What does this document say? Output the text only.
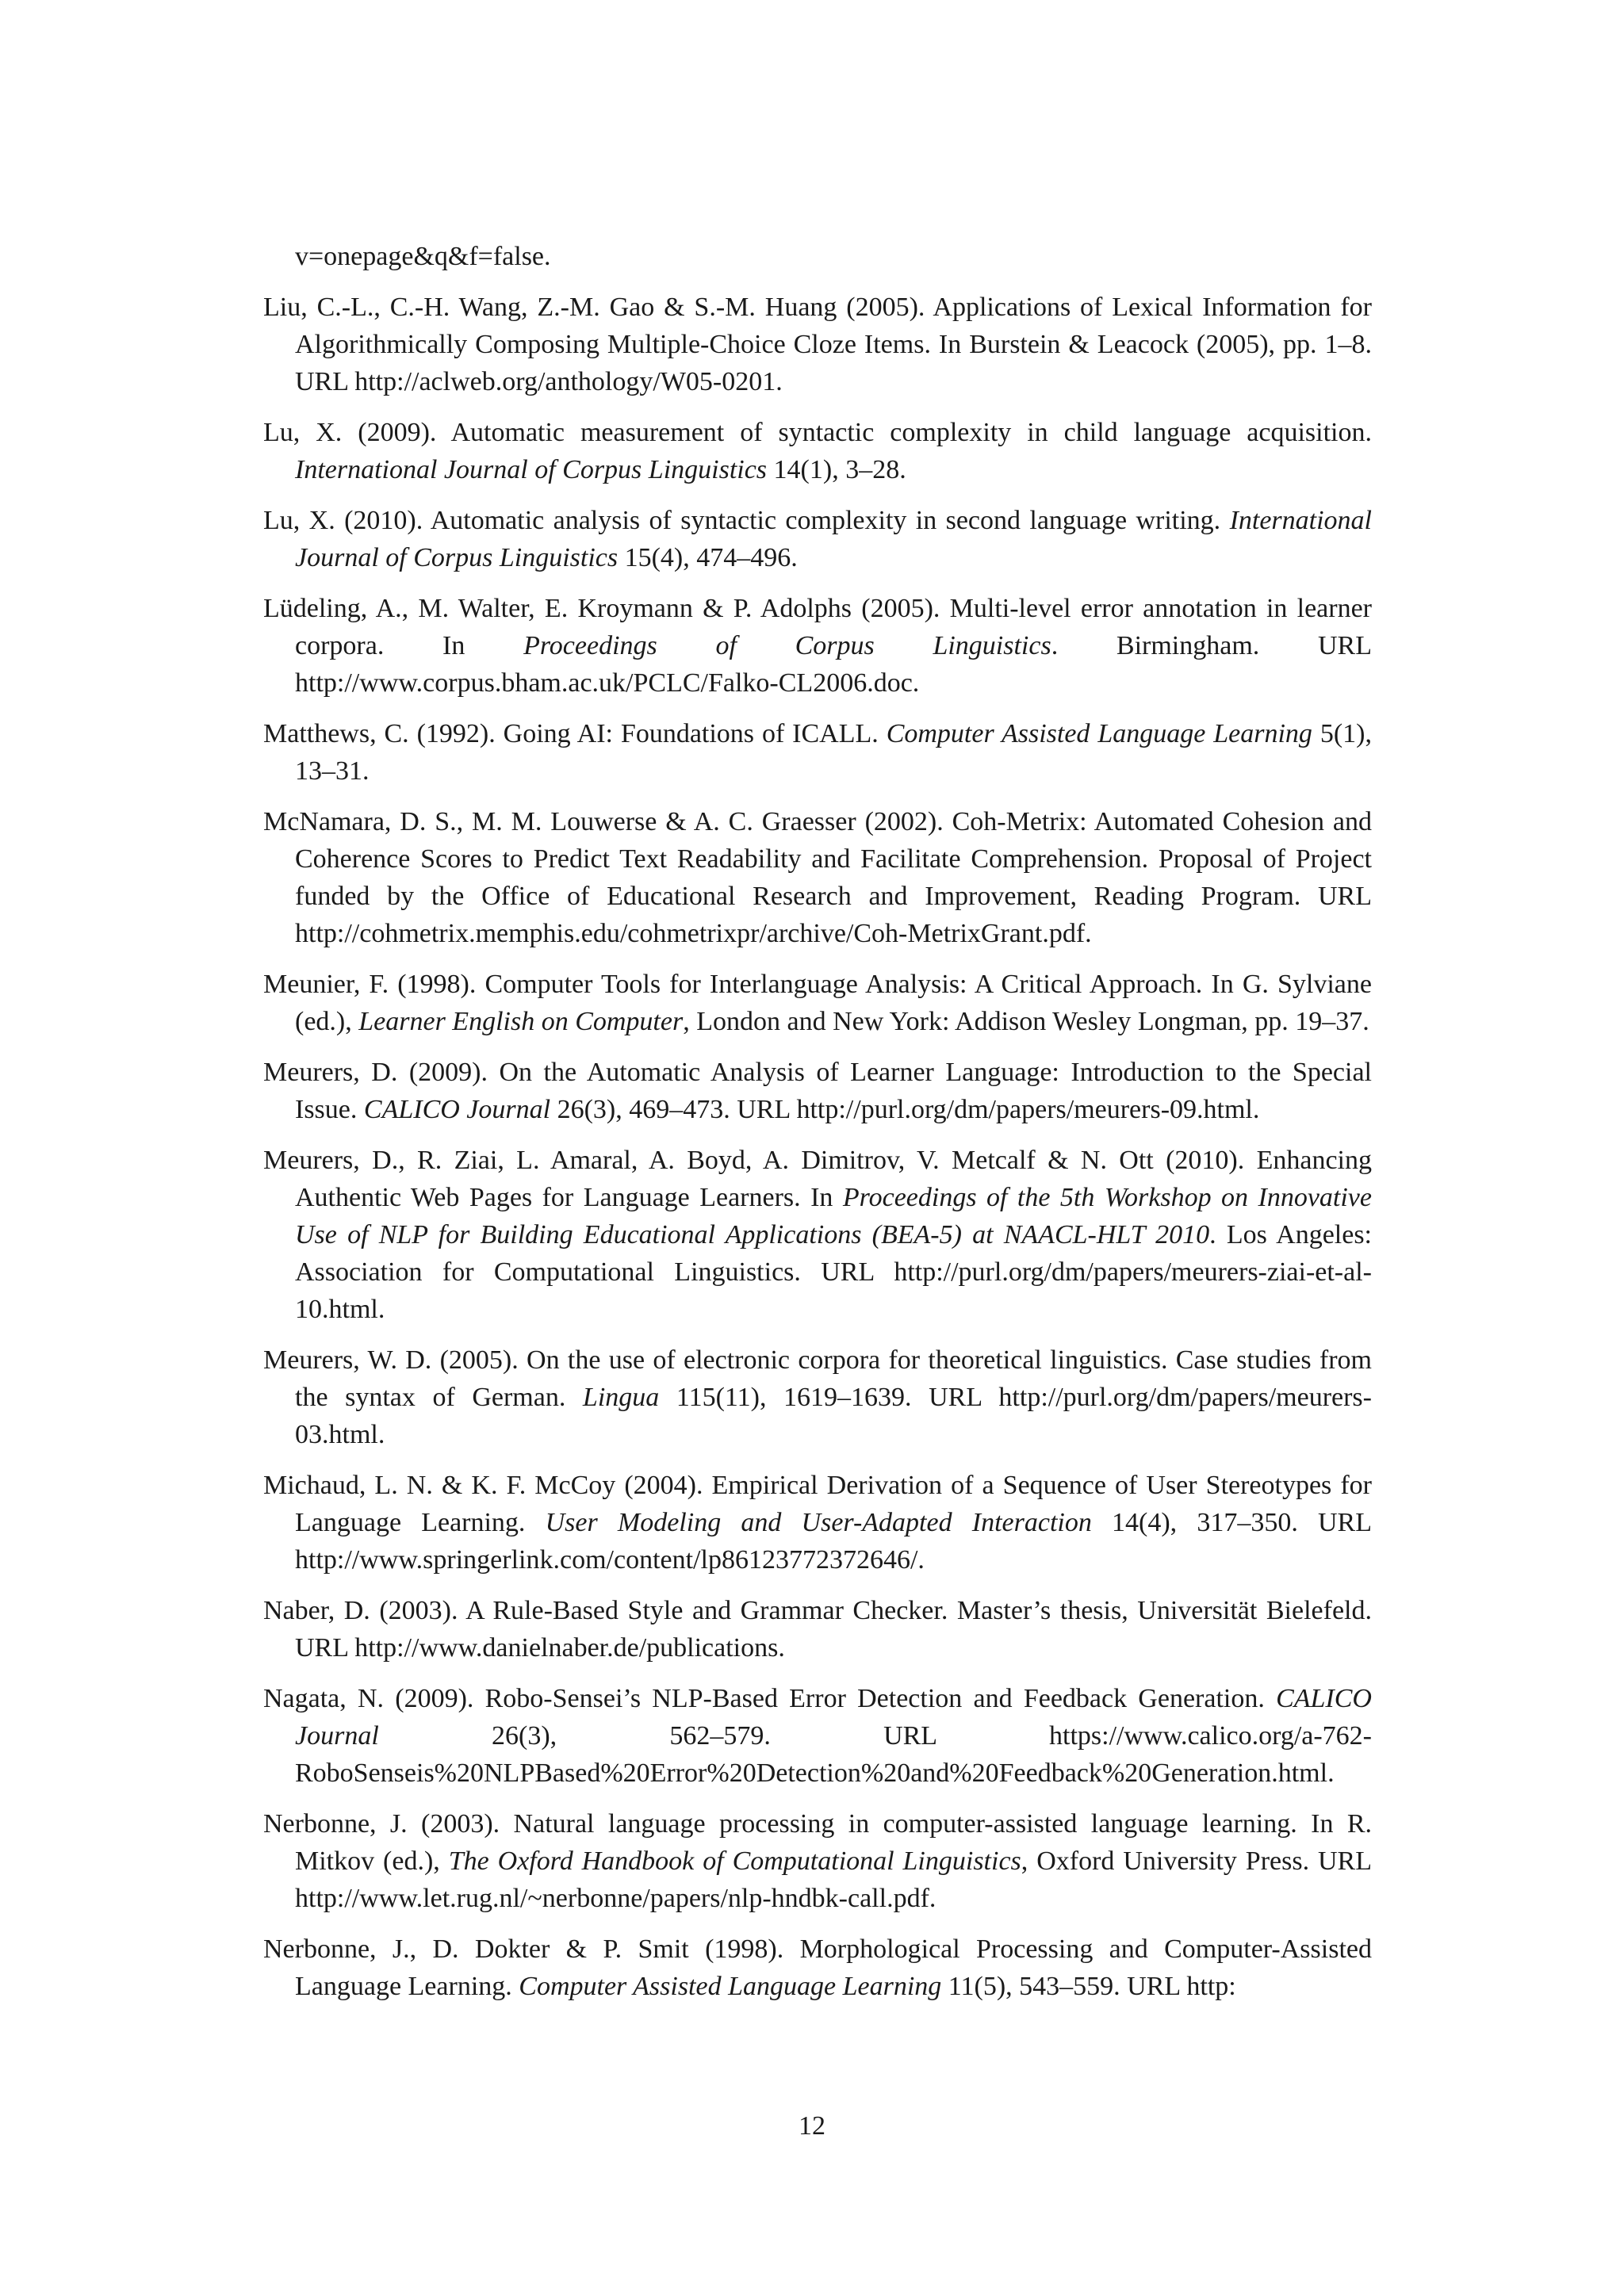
v=onepage&q&f=false.

Liu, C.-L., C.-H. Wang, Z.-M. Gao & S.-M. Huang (2005). Applications of Lexical Information for Algorithmically Composing Multiple-Choice Cloze Items. In Burstein & Leacock (2005), pp. 1–8. URL http://aclweb.org/anthology/W05-0201.

Lu, X. (2009). Automatic measurement of syntactic complexity in child language acquisition. International Journal of Corpus Linguistics 14(1), 3–28.

Lu, X. (2010). Automatic analysis of syntactic complexity in second language writing. International Journal of Corpus Linguistics 15(4), 474–496.

Lüdeling, A., M. Walter, E. Kroymann & P. Adolphs (2005). Multi-level error annotation in learner corpora. In Proceedings of Corpus Linguistics. Birmingham. URL http://www.corpus.bham.ac.uk/PCLC/Falko-CL2006.doc.

Matthews, C. (1992). Going AI: Foundations of ICALL. Computer Assisted Language Learning 5(1), 13–31.

McNamara, D. S., M. M. Louwerse & A. C. Graesser (2002). Coh-Metrix: Automated Cohesion and Coherence Scores to Predict Text Readability and Facilitate Comprehension. Proposal of Project funded by the Office of Educational Research and Improvement, Reading Program. URL http://cohmetrix.memphis.edu/cohmetrixpr/archive/Coh-MetrixGrant.pdf.

Meunier, F. (1998). Computer Tools for Interlanguage Analysis: A Critical Approach. In G. Sylviane (ed.), Learner English on Computer, London and New York: Addison Wesley Longman, pp. 19–37.

Meurers, D. (2009). On the Automatic Analysis of Learner Language: Introduction to the Special Issue. CALICO Journal 26(3), 469–473. URL http://purl.org/dm/papers/meurers-09.html.

Meurers, D., R. Ziai, L. Amaral, A. Boyd, A. Dimitrov, V. Metcalf & N. Ott (2010). Enhancing Authentic Web Pages for Language Learners. In Proceedings of the 5th Workshop on Innovative Use of NLP for Building Educational Applications (BEA-5) at NAACL-HLT 2010. Los Angeles: Association for Computational Linguistics. URL http://purl.org/dm/papers/meurers-ziai-et-al-10.html.

Meurers, W. D. (2005). On the use of electronic corpora for theoretical linguistics. Case studies from the syntax of German. Lingua 115(11), 1619–1639. URL http://purl.org/dm/papers/meurers-03.html.

Michaud, L. N. & K. F. McCoy (2004). Empirical Derivation of a Sequence of User Stereotypes for Language Learning. User Modeling and User-Adapted Interaction 14(4), 317–350. URL http://www.springerlink.com/content/lp86123772372646/.

Naber, D. (2003). A Rule-Based Style and Grammar Checker. Master’s thesis, Universität Bielefeld. URL http://www.danielnaber.de/publications.

Nagata, N. (2009). Robo-Sensei’s NLP-Based Error Detection and Feedback Generation. CALICO Journal 26(3), 562–579. URL https://www.calico.org/a-762-RoboSenseis%20NLPBased%20Error%20Detection%20and%20Feedback%20Generation.html.

Nerbonne, J. (2003). Natural language processing in computer-assisted language learning. In R. Mitkov (ed.), The Oxford Handbook of Computational Linguistics, Oxford University Press. URL http://www.let.rug.nl/~nerbonne/papers/nlp-hndbk-call.pdf.

Nerbonne, J., D. Dokter & P. Smit (1998). Morphological Processing and Computer-Assisted Language Learning. Computer Assisted Language Learning 11(5), 543–559. URL http:

12
